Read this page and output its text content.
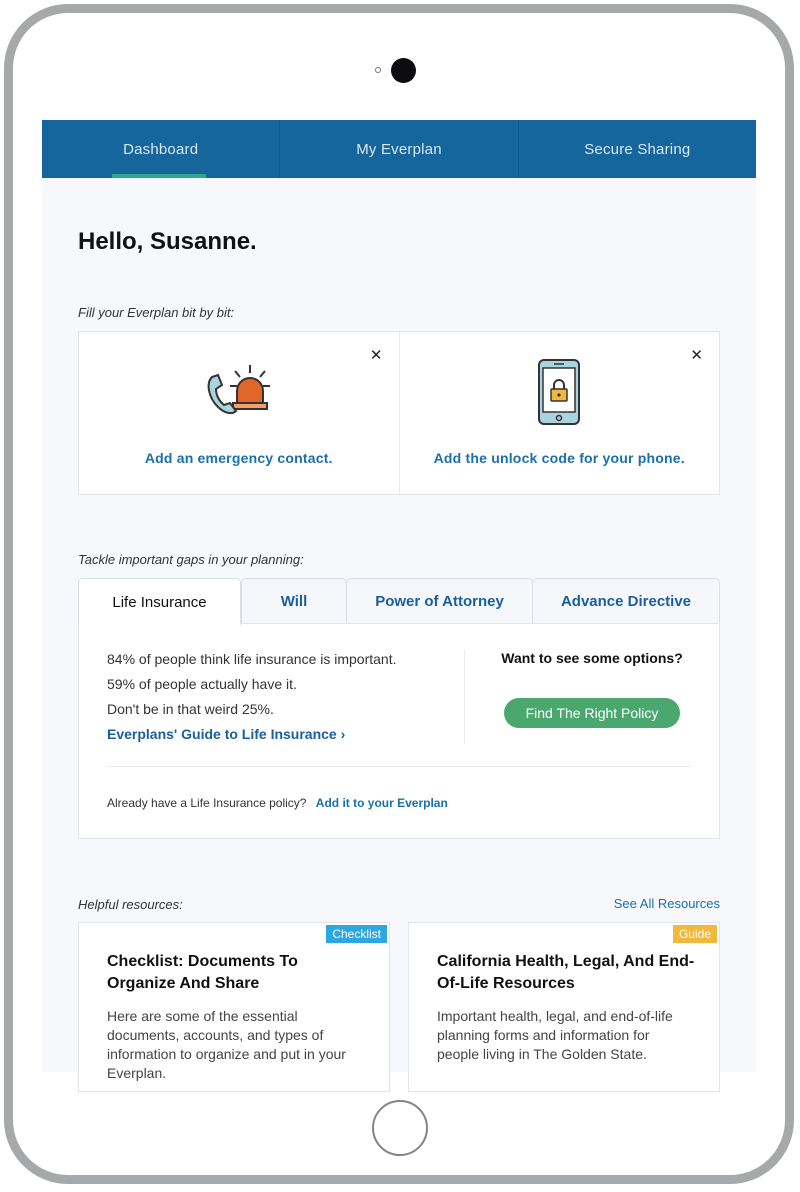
Dashboard	My Everplan	Secure Sharing
Hello, Susanne.
Fill your Everplan bit by bit:
✕
Add an emergency contact.
✕
Add the unlock code for your phone.
Tackle important gaps in your planning:
Life Insurance	Will	Power of Attorney	Advance Directive
84% of people think life insurance is important.
59% of people actually have it.
Don't be in that weird 25%.
Everplans' Guide to Life Insurance ›
Want to see some options?
Find The Right Policy
Already have a Life Insurance policy? Add it to your Everplan
Helpful resources:	See All Resources
Checklist
Checklist: Documents To Organize And Share
Here are some of the essential documents, accounts, and types of information to organize and put in your Everplan.
Guide
California Health, Legal, And End-Of-Life Resources
Important health, legal, and end-of-life planning forms and information for people living in The Golden State.
